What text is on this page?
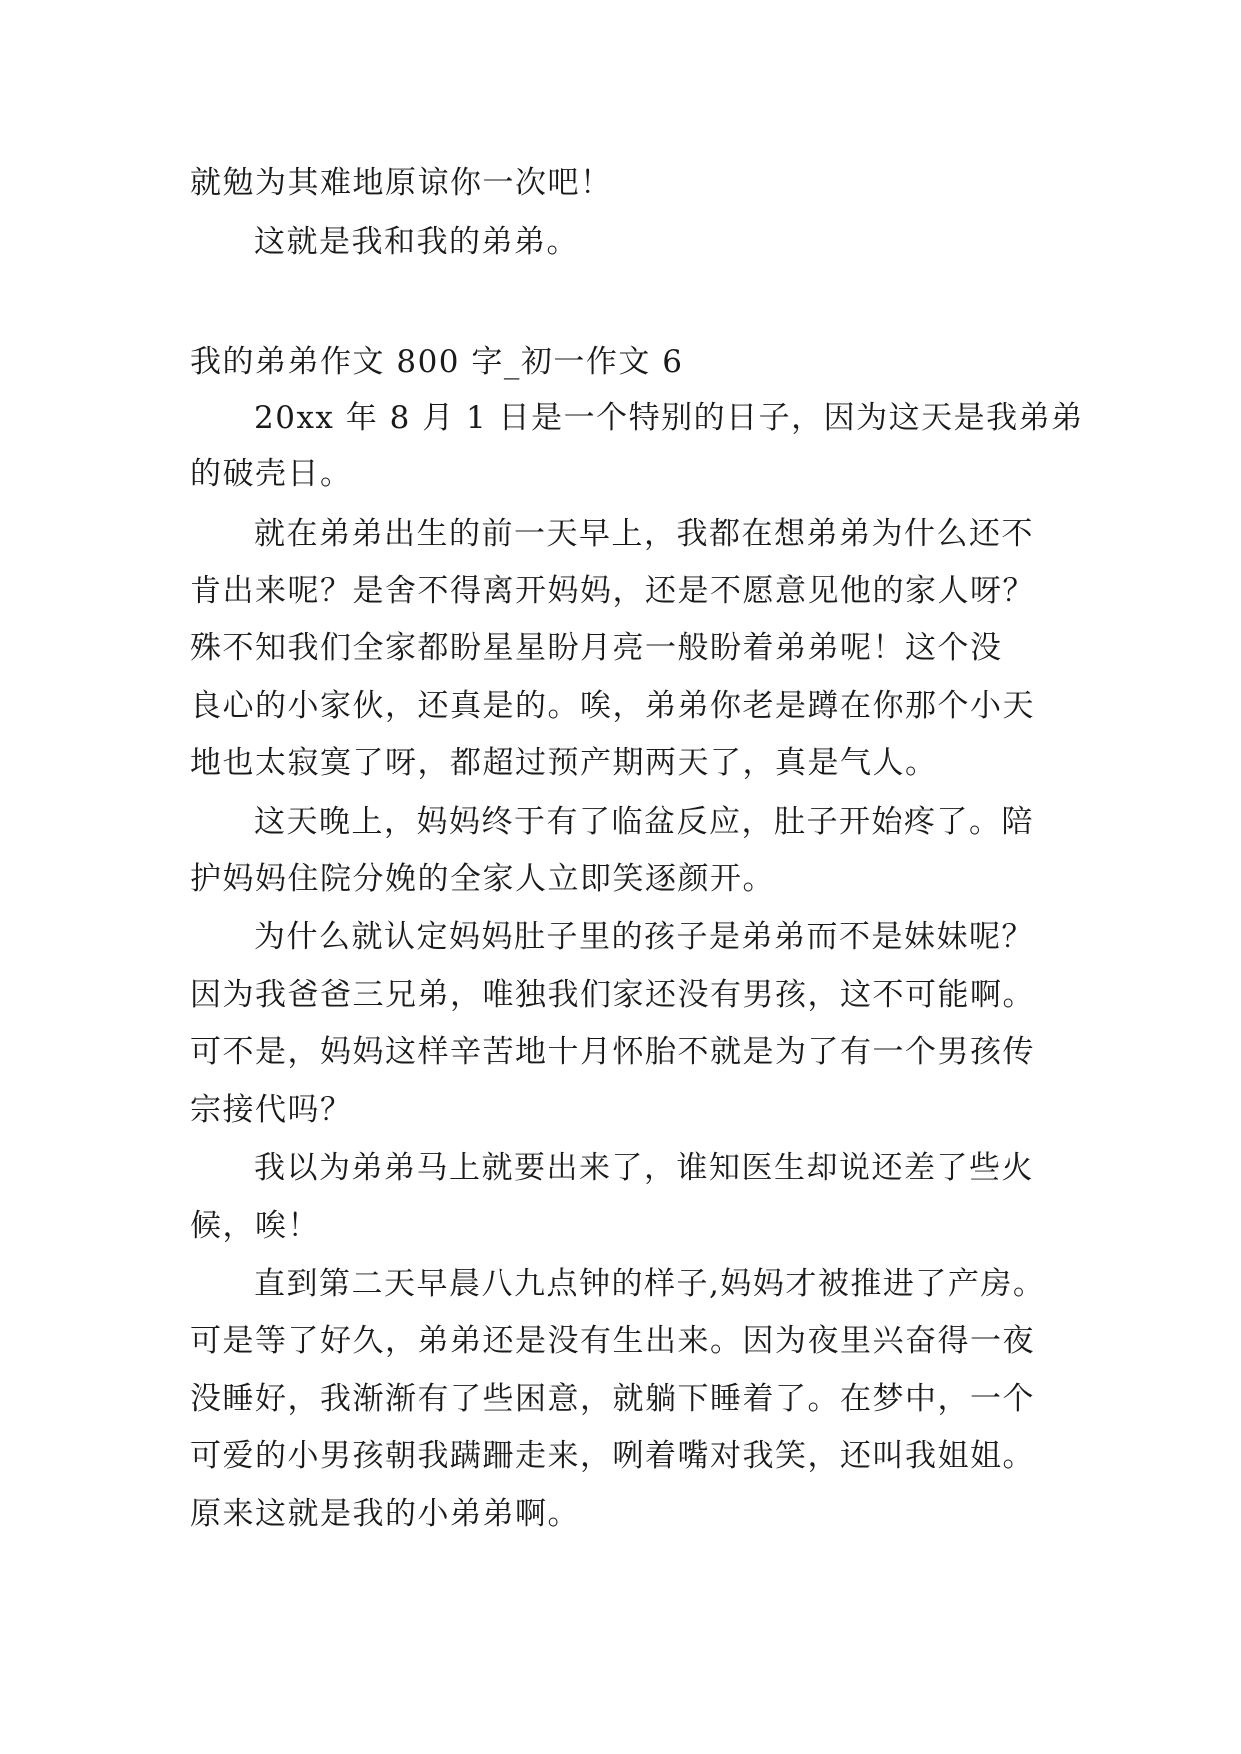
就勉为其难地原谅你一次吧！

这就是我和我的弟弟。

我的弟弟作文 800 字_初一作文 6

20xx 年 8 月 1 日是一个特别的日子，因为这天是我弟弟

的破壳日。

就在弟弟出生的前一天早上，我都在想弟弟为什么还不

肯出来呢？是舍不得离开妈妈，还是不愿意见他的家人呀？

殊不知我们全家都盼星星盼月亮一般盼着弟弟呢！这个没

良心的小家伙，还真是的。唉，弟弟你老是蹲在你那个小天

地也太寂寞了呀，都超过预产期两天了，真是气人。

这天晚上，妈妈终于有了临盆反应，肚子开始疼了。陪

护妈妈住院分娩的全家人立即笑逐颜开。

为什么就认定妈妈肚子里的孩子是弟弟而不是妹妹呢？

因为我爸爸三兄弟，唯独我们家还没有男孩，这不可能啊。

可不是，妈妈这样辛苦地十月怀胎不就是为了有一个男孩传

宗接代吗？

我以为弟弟马上就要出来了，谁知医生却说还差了些火

候，唉！

直到第二天早晨八九点钟的样子,妈妈才被推进了产房。

可是等了好久，弟弟还是没有生出来。因为夜里兴奋得一夜

没睡好，我渐渐有了些困意，就躺下睡着了。在梦中，一个

可爱的小男孩朝我蹒跚走来，咧着嘴对我笑，还叫我姐姐。

原来这就是我的小弟弟啊。
